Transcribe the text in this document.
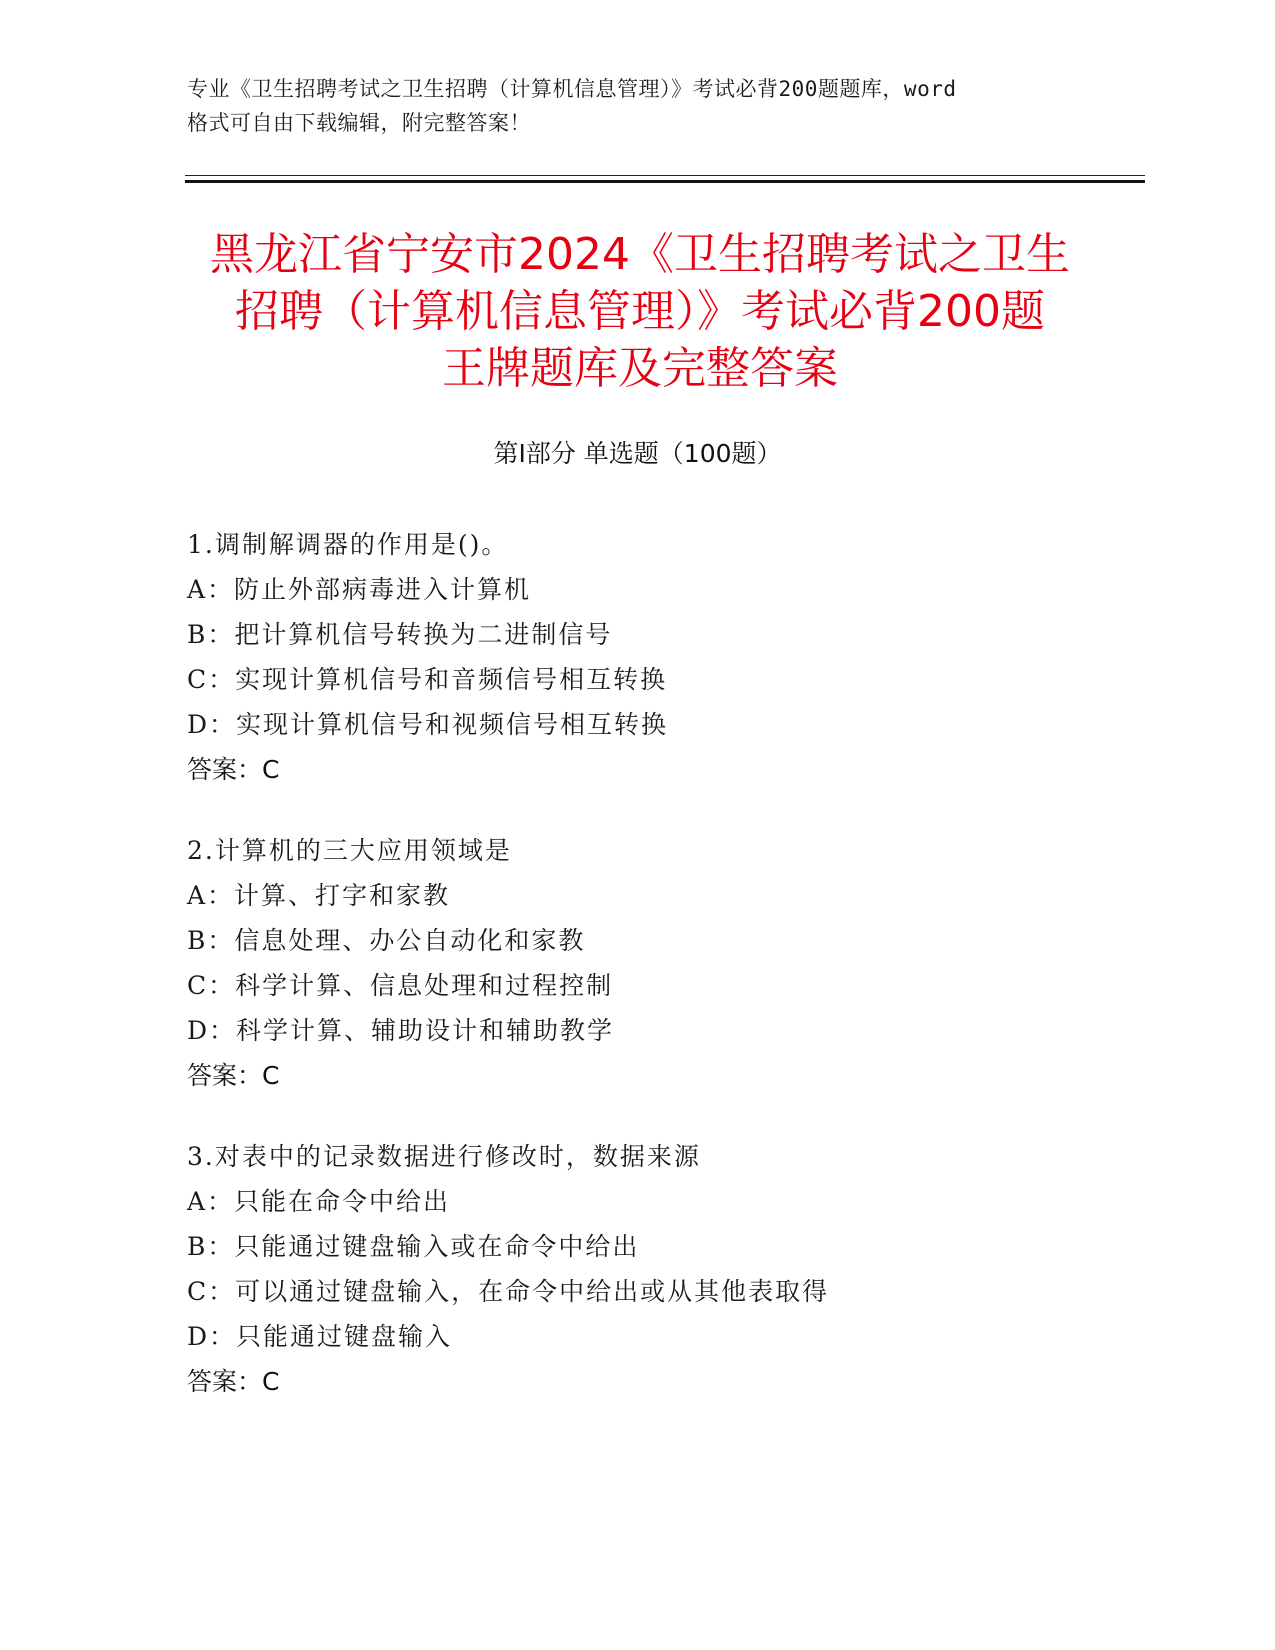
专业《卫生招聘考试之卫生招聘（计算机信息管理）》考试必背200题题库，word
格式可自由下载编辑，附完整答案！
黑龙江省宁安市2024《卫生招聘考试之卫生
招聘（计算机信息管理）》考试必背200题
王牌题库及完整答案
第Ⅰ部分 单选题（100题）
1.调制解调器的作用是()。
A：防止外部病毒进入计算机
B：把计算机信号转换为二进制信号
C：实现计算机信号和音频信号相互转换
D：实现计算机信号和视频信号相互转换
答案：C
2.计算机的三大应用领域是
A：计算、打字和家教
B：信息处理、办公自动化和家教
C：科学计算、信息处理和过程控制
D：科学计算、辅助设计和辅助教学
答案：C
3.对表中的记录数据进行修改时，数据来源
A：只能在命令中给出
B：只能通过键盘输入或在命令中给出
C：可以通过键盘输入，在命令中给出或从其他表取得
D：只能通过键盘输入
答案：C
